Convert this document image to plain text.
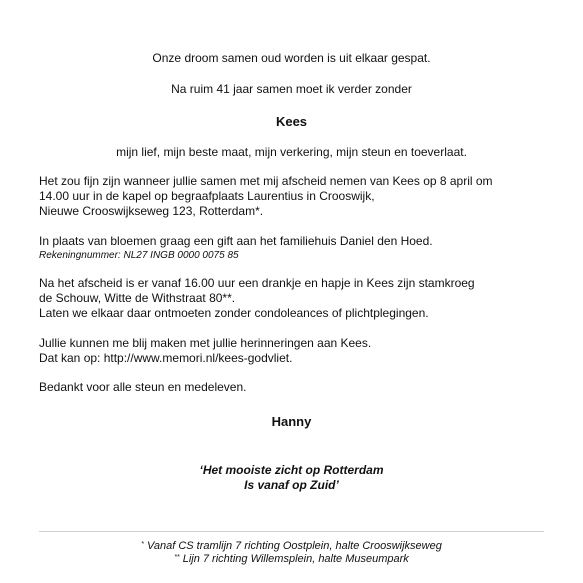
Onze droom samen oud worden is uit elkaar gespat.
Na ruim 41 jaar samen moet ik verder zonder
Kees
mijn lief, mijn beste maat, mijn verkering, mijn steun en toeverlaat.
Het zou fijn zijn wanneer jullie samen met mij afscheid nemen van Kees op 8 april om
14.00 uur in de kapel op begraafplaats Laurentius in Crooswijk,
Nieuwe Crooswijkseweg 123, Rotterdam*.
In plaats van bloemen graag een gift aan het familiehuis Daniel den Hoed.
Rekeningnummer: NL27 INGB 0000 0075 85
Na het afscheid is er vanaf 16.00 uur een drankje en hapje in Kees zijn stamkroeg
de Schouw, Witte de Withstraat 80**.
Laten we elkaar daar ontmoeten zonder condoleances of plichtplegingen.
Jullie kunnen me blij maken met jullie herinneringen aan Kees.
Dat kan op: http://www.memori.nl/kees-godvliet.
Bedankt voor alle steun en medeleven.
Hanny
‘Het mooiste zicht op Rotterdam
Is vanaf op Zuid’
* Vanaf CS tramlijn 7 richting Oostplein, halte Crooswijkseweg
** Lijn 7 richting Willemsplein, halte Museumpark
